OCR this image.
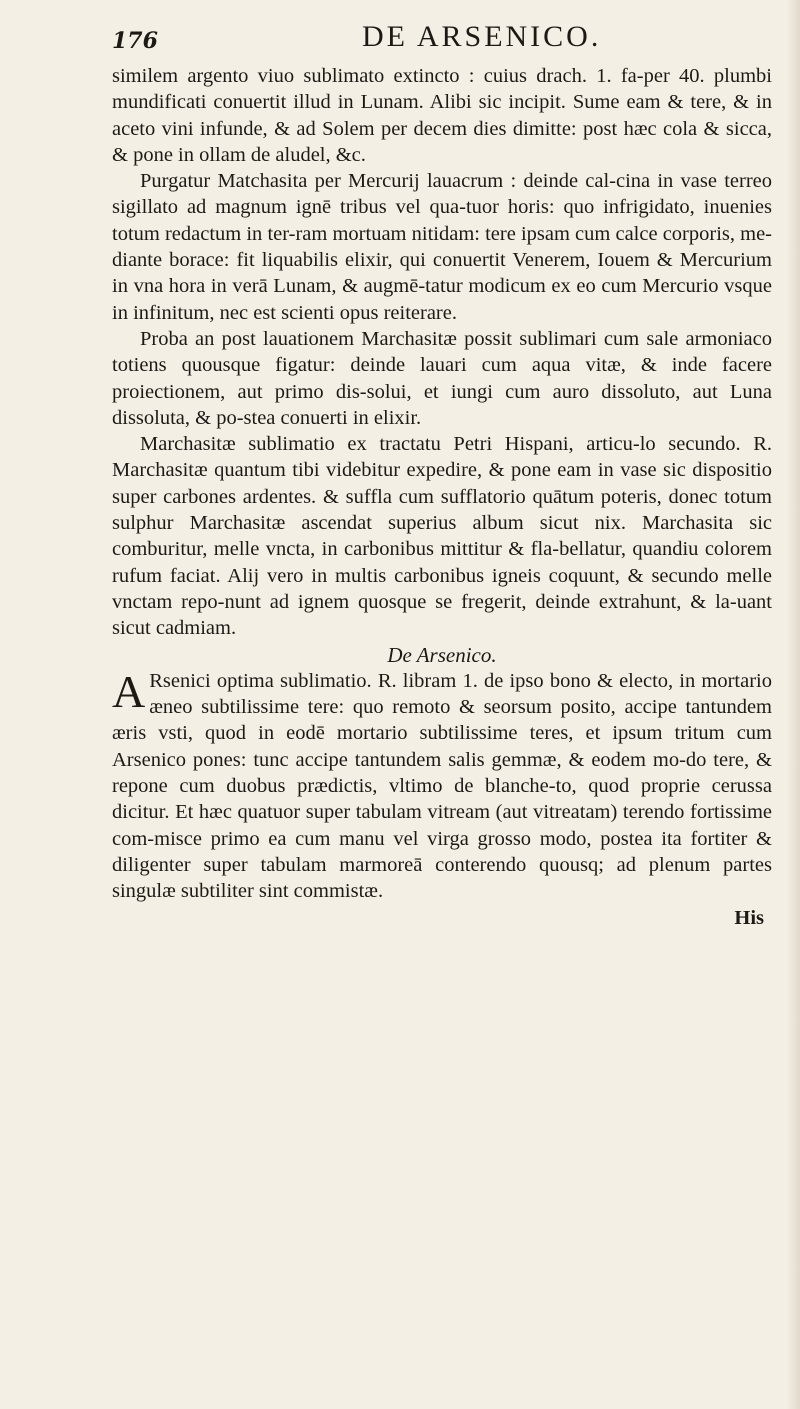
176	DE ARSENICO.

similem argento viuo sublimato extincto : cuius drach. 1. fa-per 40. plumbi mundificati conuertit illud in Lunam. Alibi sic incipit. Sume eam & tere, & in aceto vini infunde, & ad Solem per decem dies dimitte: post hæc cola & sicca, & pone in ollam de aludel, &c.

Purgatur Matchasita per Mercurij lauacrum : deinde cal-cina in vase terreo sigillato ad magnum ignē tribus vel qua-tuor horis: quo infrigidato, inuenies totum redactum in ter-ram mortuam nitidam: tere ipsam cum calce corporis, me-diante borace: fit liquabilis elixir, qui conuertit Venerem, Iouem & Mercurium in vna hora in verā Lunam, & augmē-tatur modicum ex eo cum Mercurio vsque in infinitum, nec est scienti opus reiterare.

Proba an post lauationem Marchasitæ possit sublimari cum sale armoniaco totiens quousque figatur: deinde lauari cum aqua vitæ, & inde facere proiectionem, aut primo dis-solui, et iungi cum auro dissoluto, aut Luna dissoluta, & po-stea conuerti in elixir.

Marchasitæ sublimatio ex tractatu Petri Hispani, articu-lo secundo. R. Marchasitæ quantum tibi videbitur expedire, & pone eam in vase sic dispositio super carbones ardentes. & suffla cum sufflatorio quātum poteris, donec totum sulphur Marchasitæ ascendat superius album sicut nix. Marchasita sic comburitur, melle vncta, in carbonibus mittitur & fla-bellatur, quandiu colorem rufum faciat. Alij vero in multis carbonibus igneis coquunt, & secundo melle vnctam repo-nunt ad ignem quosque se fregerit, deinde extrahunt, & la-uant sicut cadmiam.

De Arsenico.

A Rsenici optima sublimatio. R. libram 1. de ipso bono & electo, in mortario æneo subtilissime tere: quo remoto & seorsum posito, accipe tantundem æris vsti, quod in eodē mortario subtilissime teres, et ipsum tritum cum Arsenico pones: tunc accipe tantundem salis gemmæ, & eodem mo-do tere, & repone cum duobus prædictis, vltimo de blanche-to, quod proprie cerussa dicitur. Et hæc quatuor super tabulam vitream (aut vitreatam) terendo fortissime com-misce primo ea cum manu vel virga grosso modo, postea ita fortiter & diligenter super tabulam marmoreā conterendo quousq; ad plenum partes singulæ subtiliter sint commistæ.

His
